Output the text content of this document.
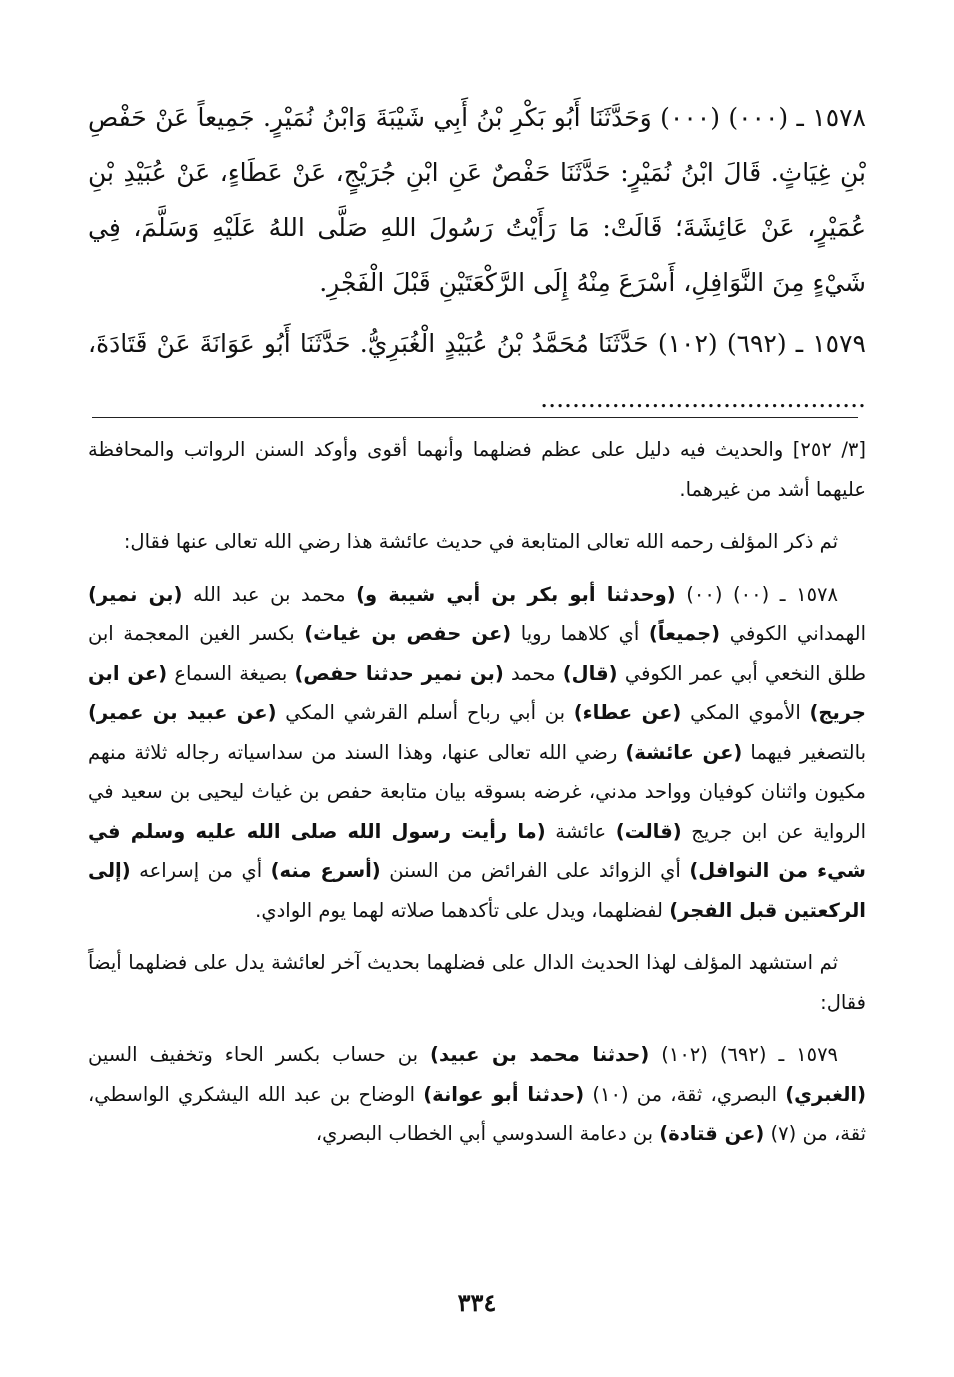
١٥٧٨ ـ (٠٠٠) (٠٠٠) وَحَدَّثَنَا أَبُو بَكْرِ بْنُ أَبِي شَيْبَةَ وَابْنُ نُمَيْرٍ. جَمِيعاً عَنْ حَفْصِ بْنِ غِيَاثٍ. قَالَ ابْنُ نُمَيْرٍ: حَدَّثَنَا حَفْصٌ عَنِ ابْنِ جُرَيْجٍ، عَنْ عَطَاءٍ، عَنْ عُبَيْدِ بْنِ عُمَيْرٍ، عَنْ عَائِشَةَ؛ قَالَتْ: مَا رَأَيْتُ رَسُولَ اللهِ صَلَّى اللهُ عَلَيْهِ وَسَلَّمَ، فِي شَيْءٍ مِنَ النَّوَافِلِ، أَسْرَعَ مِنْهُ إِلَى الرَّكْعَتَيْنِ قَبْلَ الْفَجْرِ.

١٥٧٩ ـ (٦٩٢) (١٠٢) حَدَّثَنَا مُحَمَّدُ بْنُ عُبَيْدٍ الْغُبَرِيُّ. حَدَّثَنَا أَبُو عَوَانَةَ عَنْ قَتَادَةَ، .........................................

[٣/ ٢٥٢] والحديث فيه دليل على عظم فضلهما وأنهما أقوى وأوكد السنن الرواتب والمحافظة عليهما أشد من غيرهما.

ثم ذكر المؤلف رحمه الله تعالى المتابعة في حديث عائشة هذا رضي الله تعالى عنها فقال:

١٥٧٨ ـ (٠٠) (٠٠) (وحدثنا أبو بكر بن أبي شيبة و) محمد بن عبد الله (بن نمير) الهمداني الكوفي (جميعاً) أي كلاهما رويا (عن حفص بن غياث) بكسر الغين المعجمة ابن طلق النخعي أبي عمر الكوفي (قال) محمد (بن نمير حدثنا حفص) بصيغة السماع (عن ابن جريج) الأموي المكي (عن عطاء) بن أبي رباح أسلم القرشي المكي (عن عبيد بن عمير) بالتصغير فيهما (عن عائشة) رضي الله تعالى عنها، وهذا السند من سداسياته رجاله ثلاثة منهم مكيون واثنان كوفيان وواحد مدني، غرضه بسوقه بيان متابعة حفص بن غياث ليحيى بن سعيد في الرواية عن ابن جريج (قالت) عائشة (ما رأيت رسول الله صلى الله عليه وسلم في شيء من النوافل) أي الزوائد على الفرائض من السنن (أسرع منه) أي من إسراعه (إلى الركعتين قبل الفجر) لفضلهما، ويدل على تأكدهما صلاته لهما يوم الوادي.

ثم استشهد المؤلف لهذا الحديث الدال على فضلهما بحديث آخر لعائشة يدل على فضلهما أيضاً فقال:

١٥٧٩ ـ (٦٩٢) (١٠٢) (حدثنا محمد بن عبيد) بن حساب بكسر الحاء وتخفيف السين (الغبري) البصري، ثقة، من (١٠) (حدثنا أبو عوانة) الوضاح بن عبد الله اليشكري الواسطي، ثقة، من (٧) (عن قتادة) بن دعامة السدوسي أبي الخطاب البصري،

٣٣٤
